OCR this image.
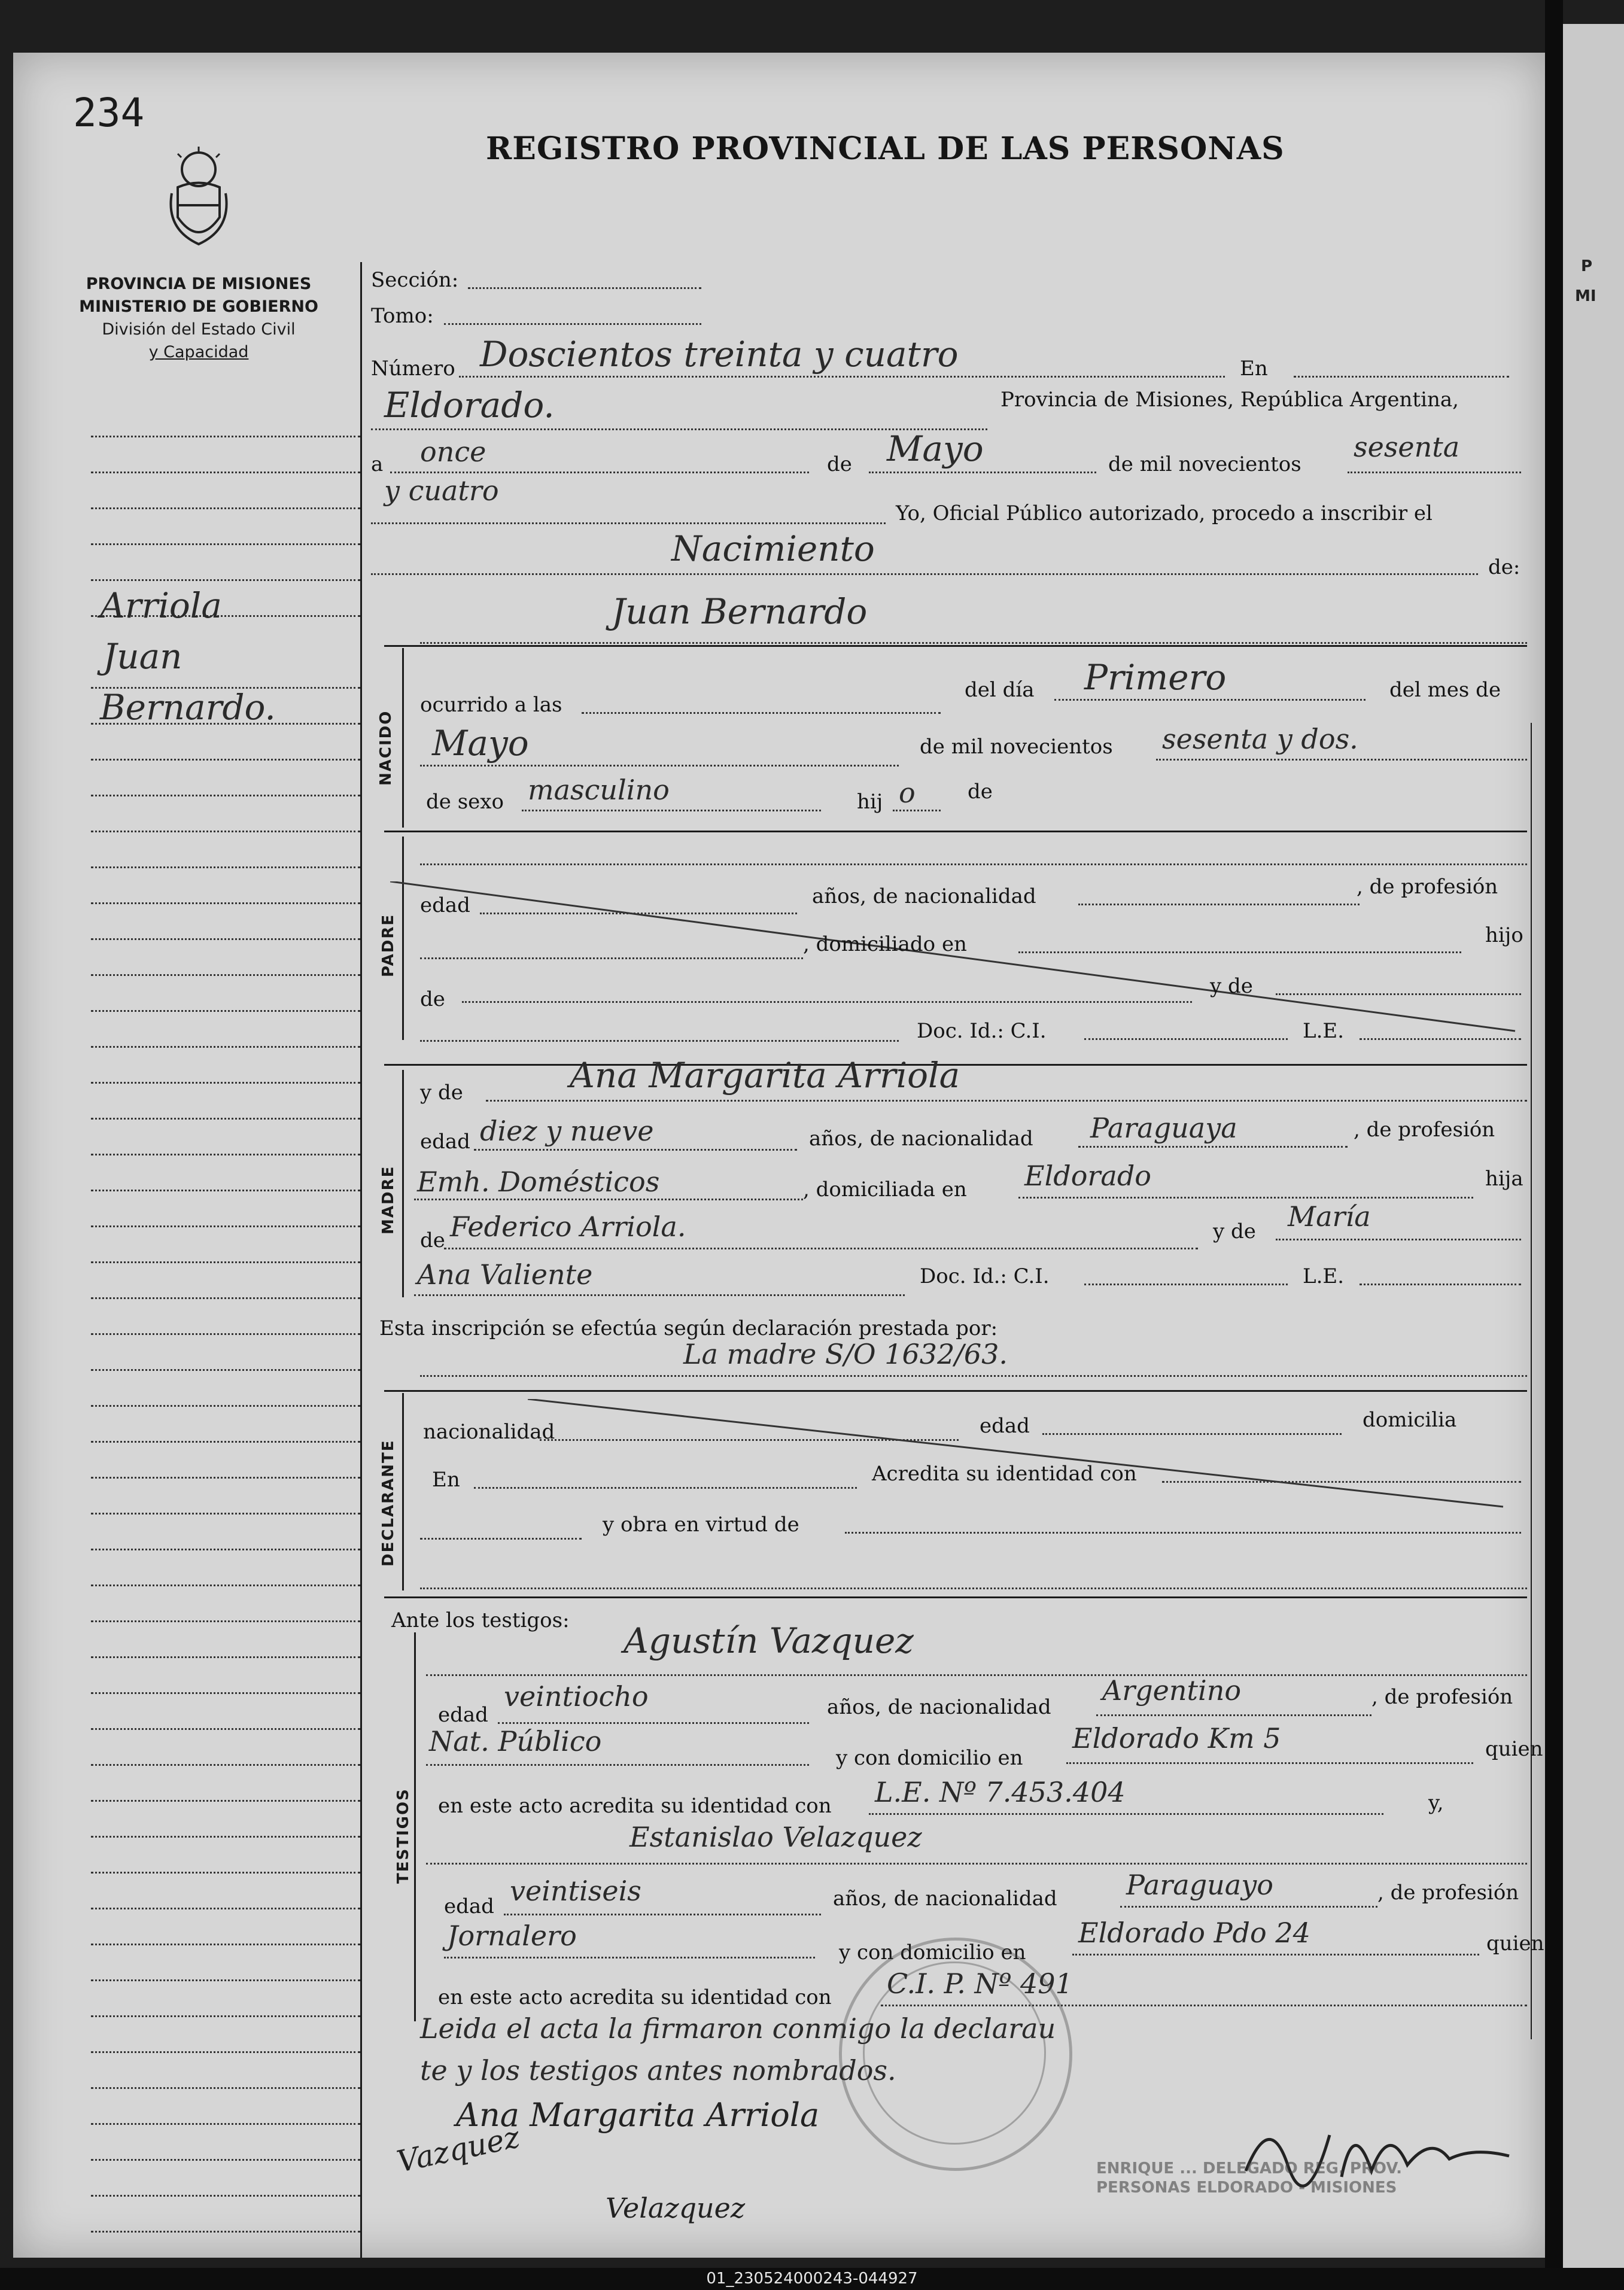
234
REGISTRO PROVINCIAL DE LAS PERSONAS
PROVINCIA DE MISIONES
MINISTERIO DE GOBIERNO
División del Estado Civil
y Capacidad
Arriola
Juan
Bernardo.
Sección:
Tomo:
Número Doscientos treinta y cuatro	En
Eldorado.	Provincia de Misiones, República Argentina,
a once	de Mayo	de mil novecientos
sesenta
y cuatro
Yo, Oficial Público autorizado, procedo a inscribir el
Nacimiento	de:
NACIDO
Juan Bernardo
ocurrido a las
del día Primero	del mes de
Mayo	de mil novecientos sesenta y dos.
de sexo masculino	hij o	de
PADRE
edad	años, de nacionalidad	, de profesión
, domiciliado en	hijo
de
y de
Doc. Id.: C.I.	L.E.
MADRE
y de	Ana Margarita Arriola
edad diez y nueve	años, de nacionalidad Paraguaya	, de profesión
Emh. Domésticos	, domiciliada en Eldorado	hija
de Federico Arriola.	y de María
Ana Valiente	Doc. Id.: C.I.	L.E.
Esta inscripción se efectúa según declaración prestada por:
La madre S/O 1632/63.
DECLARANTE
nacionalidad	edad	domicilia
En	Acredita su identidad con
y obra en virtud de
Ante los testigos:
TESTIGOS
Agustín Vazquez
edad
veintiocho	años, de nacionalidad
Argentino	, de profesión
Nat. Público
y con domicilio en
Eldorado Km 5	quien
en este acto acredita su identidad con L.E. Nº 7.453.404	y,
Estanislao Velazquez
edad veintiseis	años, de nacionalidad	Paraguayo	, de profesión
Jornalero
y con domicilio en
Eldorado Pdo 24	quien
en este acto acredita su identidad con C.I. P. Nº 491
Leida el acta la firmaron conmigo la declarau
te y los testigos antes nombrados.
Ana Margarita Arriola
Vazquez
Velazquez
ENRIQUE ... DELEGADO REG. PROV. PERSONAS ELDORADO - MISIONES
P
MI
01_230524000243-044927
